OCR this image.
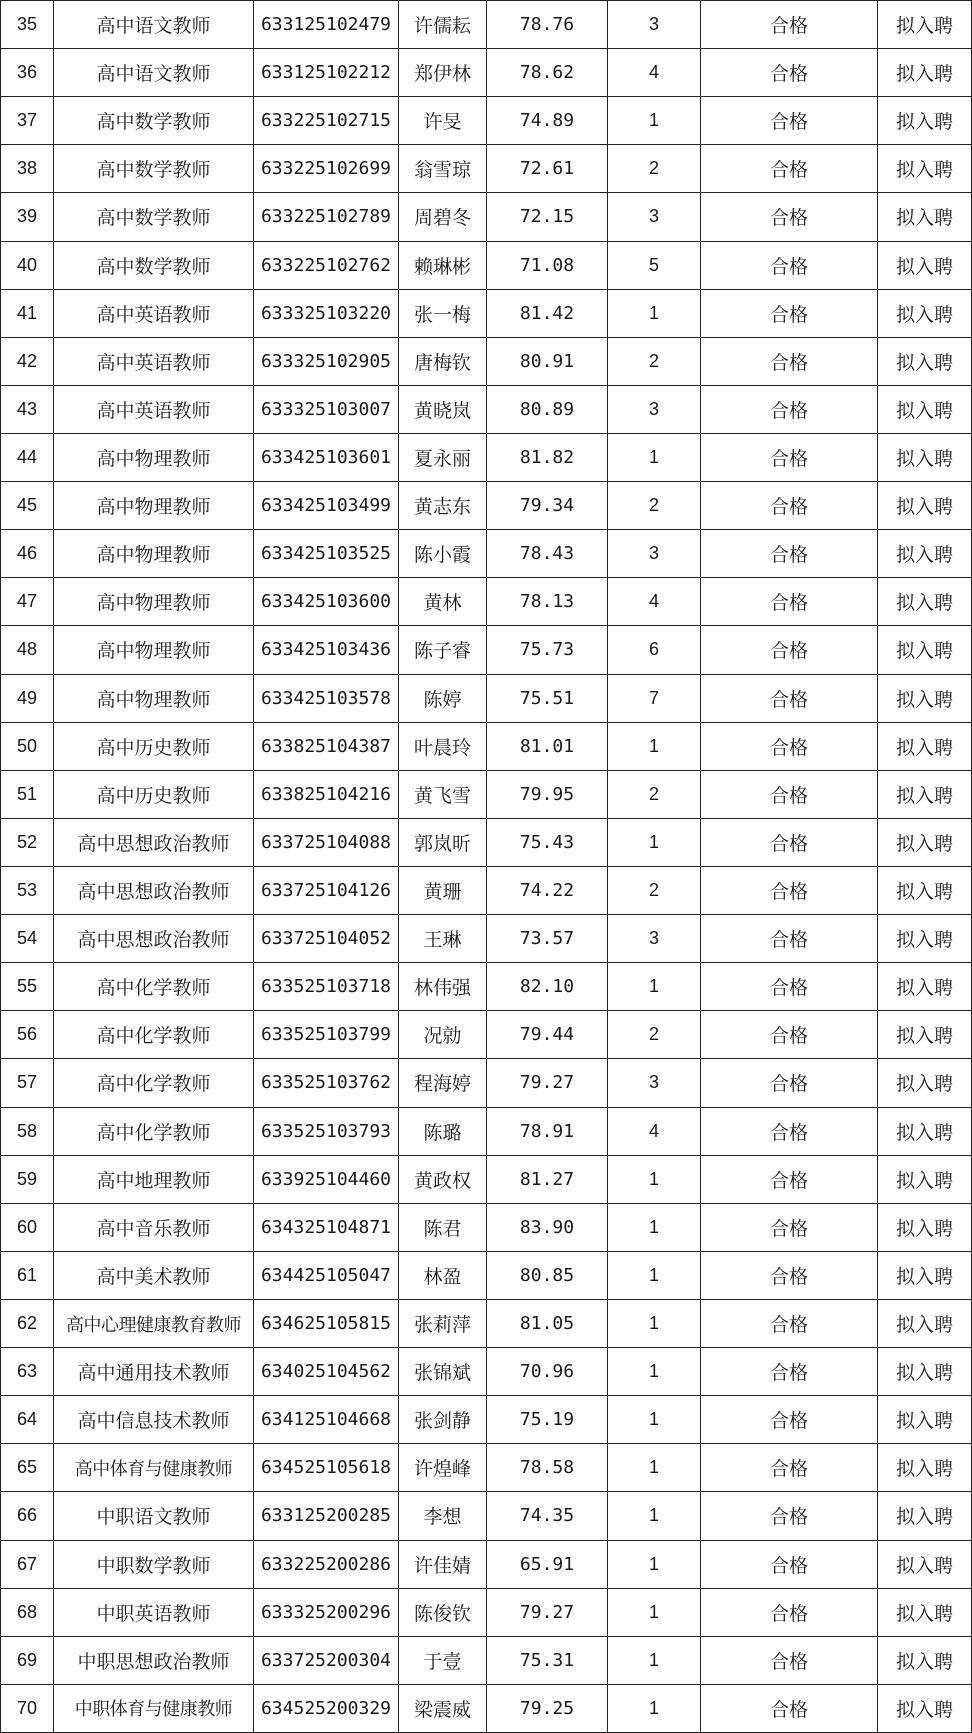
35	高中语文教师	633125102479	许儒耘	78.76	3	合格	拟入聘
36	高中语文教师	633125102212	郑伊林	78.62	4	合格	拟入聘
37	高中数学教师	633225102715	许旻	74.89	1	合格	拟入聘
38	高中数学教师	633225102699	翁雪琼	72.61	2	合格	拟入聘
39	高中数学教师	633225102789	周碧冬	72.15	3	合格	拟入聘
40	高中数学教师	633225102762	赖琳彬	71.08	5	合格	拟入聘
41	高中英语教师	633325103220	张一梅	81.42	1	合格	拟入聘
42	高中英语教师	633325102905	唐梅钦	80.91	2	合格	拟入聘
43	高中英语教师	633325103007	黄晓岚	80.89	3	合格	拟入聘
44	高中物理教师	633425103601	夏永丽	81.82	1	合格	拟入聘
45	高中物理教师	633425103499	黄志东	79.34	2	合格	拟入聘
46	高中物理教师	633425103525	陈小霞	78.43	3	合格	拟入聘
47	高中物理教师	633425103600	黄林	78.13	4	合格	拟入聘
48	高中物理教师	633425103436	陈子睿	75.73	6	合格	拟入聘
49	高中物理教师	633425103578	陈婷	75.51	7	合格	拟入聘
50	高中历史教师	633825104387	叶晨玲	81.01	1	合格	拟入聘
51	高中历史教师	633825104216	黄飞雪	79.95	2	合格	拟入聘
52	高中思想政治教师	633725104088	郭岚昕	75.43	1	合格	拟入聘
53	高中思想政治教师	633725104126	黄珊	74.22	2	合格	拟入聘
54	高中思想政治教师	633725104052	王琳	73.57	3	合格	拟入聘
55	高中化学教师	633525103718	林伟强	82.10	1	合格	拟入聘
56	高中化学教师	633525103799	况勍	79.44	2	合格	拟入聘
57	高中化学教师	633525103762	程海婷	79.27	3	合格	拟入聘
58	高中化学教师	633525103793	陈璐	78.91	4	合格	拟入聘
59	高中地理教师	633925104460	黄政权	81.27	1	合格	拟入聘
60	高中音乐教师	634325104871	陈君	83.90	1	合格	拟入聘
61	高中美术教师	634425105047	林盈	80.85	1	合格	拟入聘
62	高中心理健康教育教师	634625105815	张莉萍	81.05	1	合格	拟入聘
63	高中通用技术教师	634025104562	张锦斌	70.96	1	合格	拟入聘
64	高中信息技术教师	634125104668	张剑静	75.19	1	合格	拟入聘
65	高中体育与健康教师	634525105618	许煌峰	78.58	1	合格	拟入聘
66	中职语文教师	633125200285	李想	74.35	1	合格	拟入聘
67	中职数学教师	633225200286	许佳婧	65.91	1	合格	拟入聘
68	中职英语教师	633325200296	陈俊钦	79.27	1	合格	拟入聘
69	中职思想政治教师	633725200304	于壹	75.31	1	合格	拟入聘
70	中职体育与健康教师	634525200329	梁震威	79.25	1	合格	拟入聘
